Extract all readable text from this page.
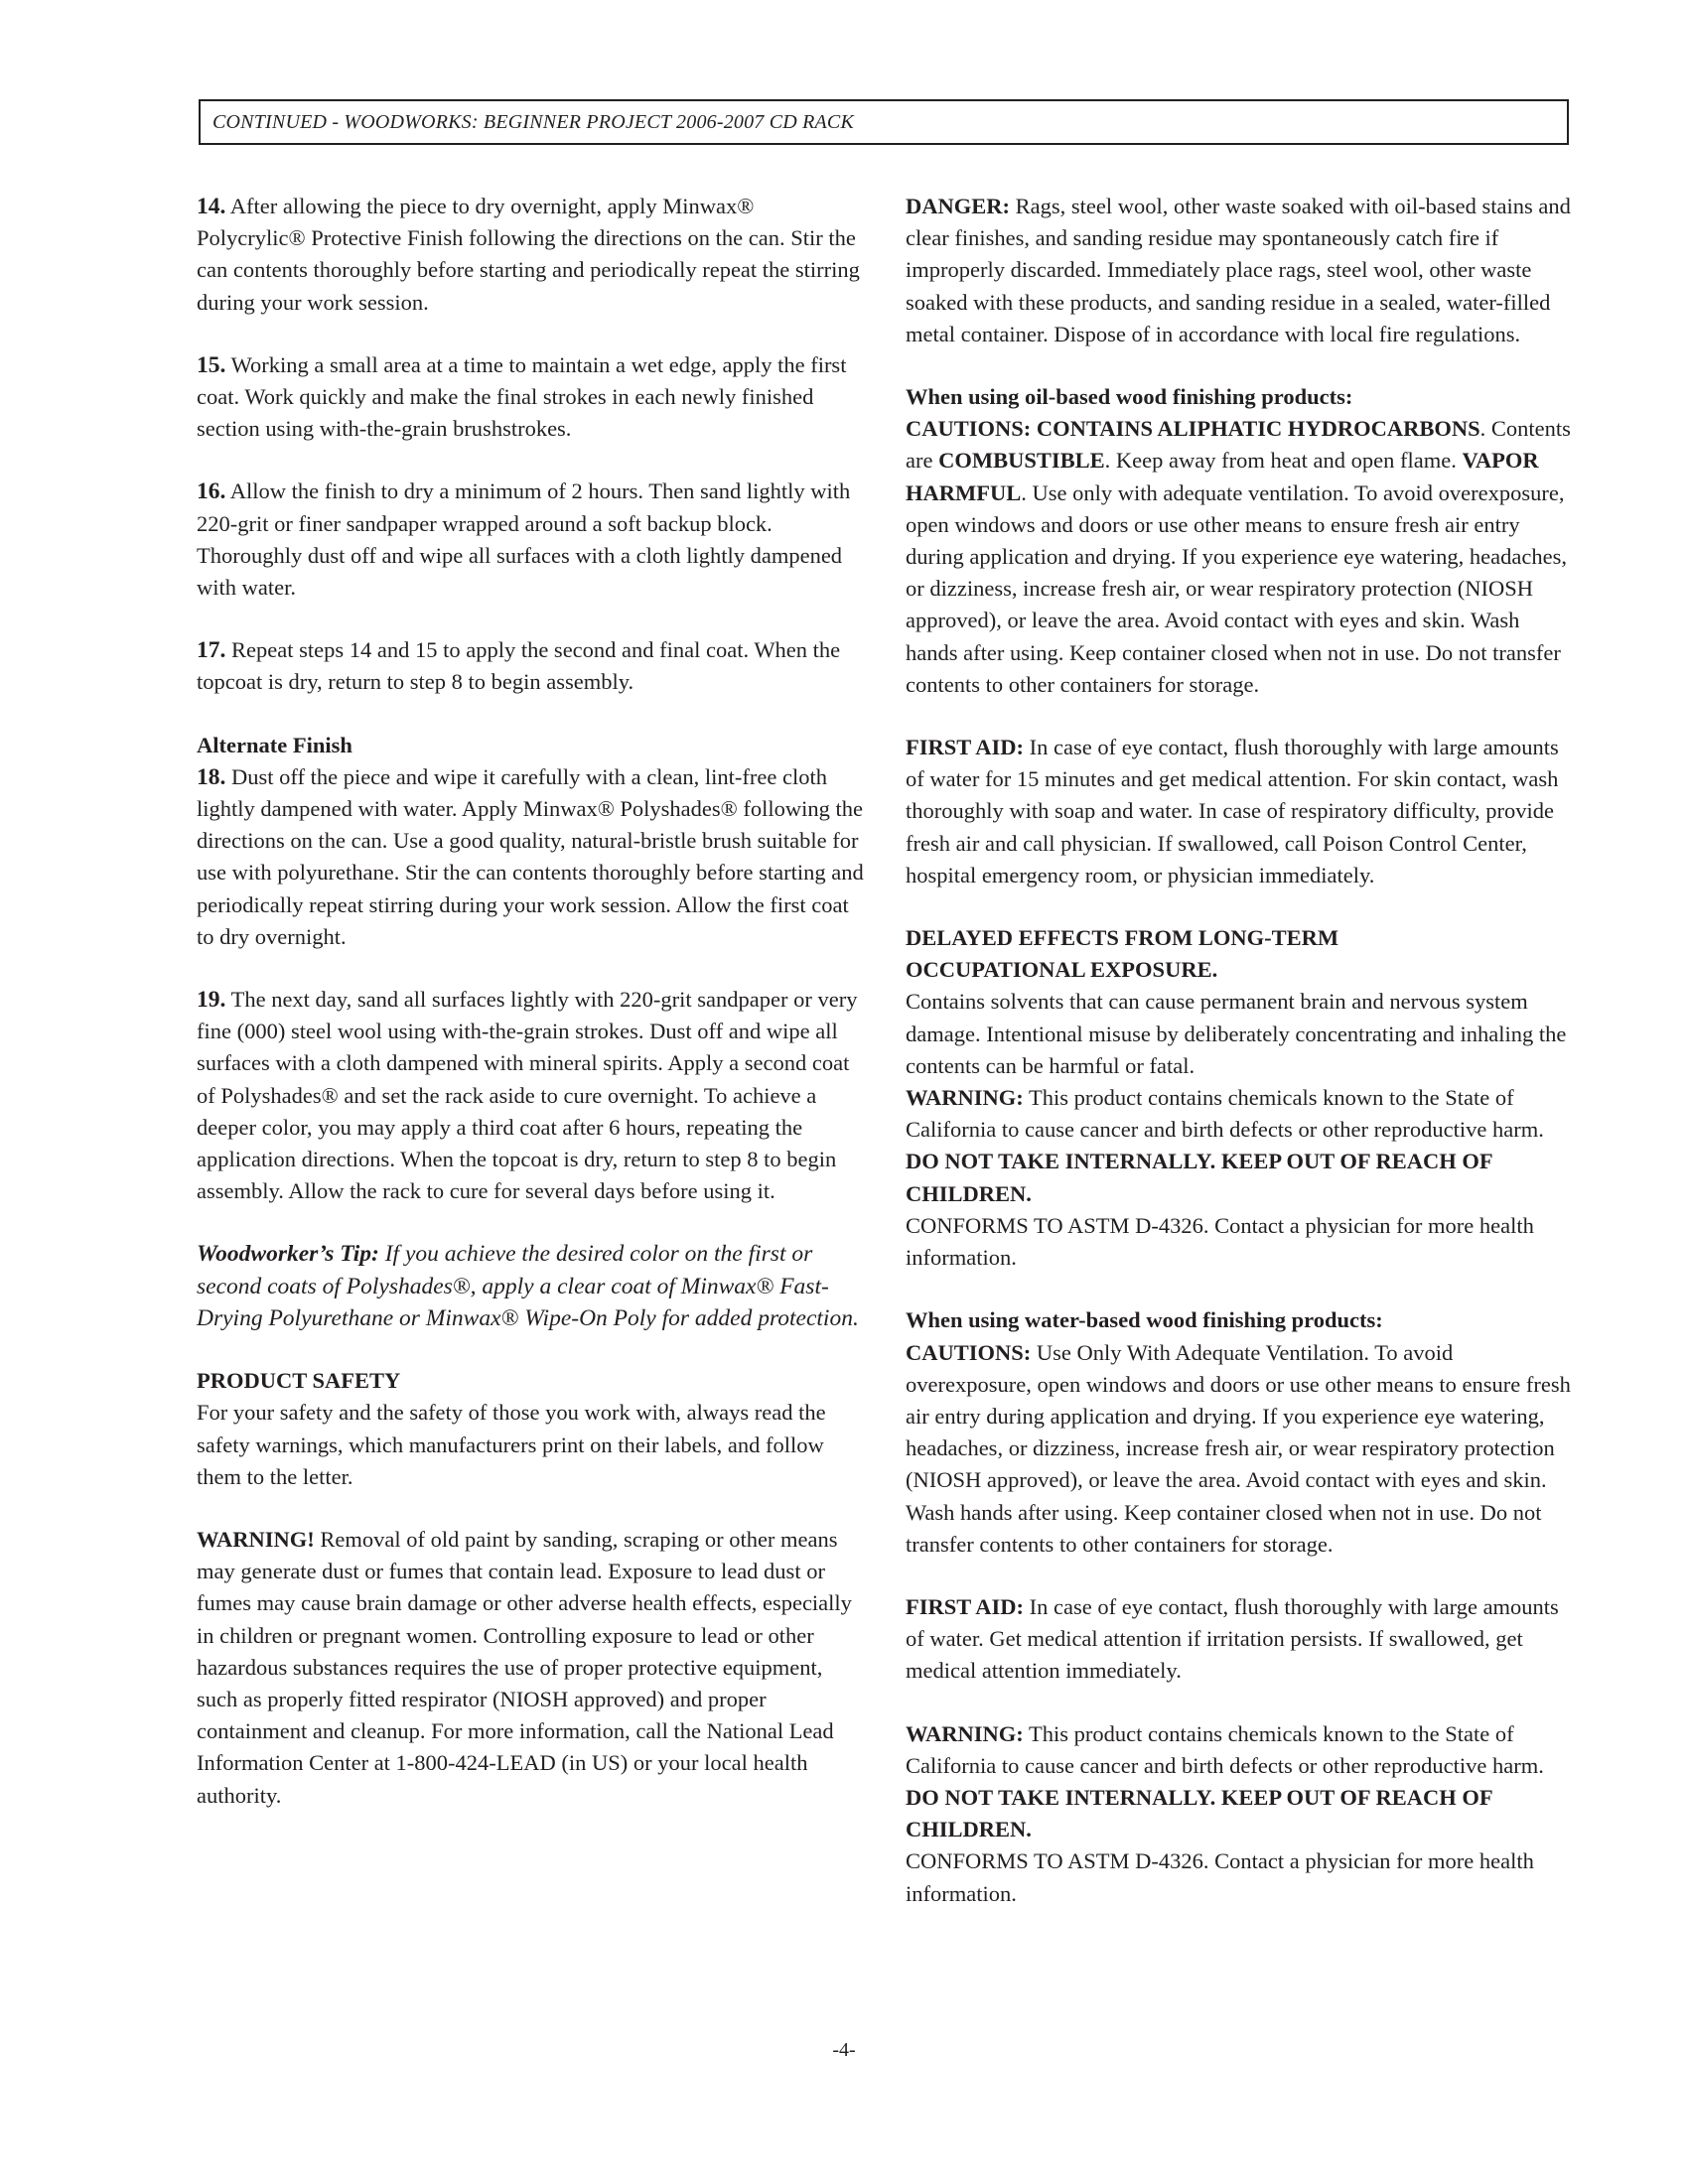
CONTINUED - WOODWORKS: BEGINNER PROJECT 2006-2007 CD RACK

14. After allowing the piece to dry overnight, apply Minwax® Polycrylic® Protective Finish following the directions on the can. Stir the can contents thoroughly before starting and periodically repeat the stirring during your work session.

15. Working a small area at a time to maintain a wet edge, apply the first coat. Work quickly and make the final strokes in each newly finished section using with-the-grain brushstrokes.

16. Allow the finish to dry a minimum of 2 hours. Then sand lightly with 220-grit or finer sandpaper wrapped around a soft backup block. Thoroughly dust off and wipe all surfaces with a cloth lightly dampened with water.

17. Repeat steps 14 and 15 to apply the second and final coat. When the topcoat is dry, return to step 8 to begin assembly.

Alternate Finish
18. Dust off the piece and wipe it carefully with a clean, lint-free cloth lightly dampened with water. Apply Minwax® Polyshades® following the directions on the can. Use a good quality, natural-bristle brush suitable for use with polyurethane. Stir the can contents thoroughly before starting and periodically repeat stirring during your work session. Allow the first coat to dry overnight.

19. The next day, sand all surfaces lightly with 220-grit sandpaper or very fine (000) steel wool using with-the-grain strokes. Dust off and wipe all surfaces with a cloth dampened with mineral spirits. Apply a second coat of Polyshades® and set the rack aside to cure overnight. To achieve a deeper color, you may apply a third coat after 6 hours, repeating the application directions. When the topcoat is dry, return to step 8 to begin assembly. Allow the rack to cure for several days before using it.

Woodworker’s Tip: If you achieve the desired color on the first or second coats of Polyshades®, apply a clear coat of Minwax® Fast-Drying Polyurethane or Minwax® Wipe-On Poly for added protection.

PRODUCT SAFETY
For your safety and the safety of those you work with, always read the safety warnings, which manufacturers print on their labels, and follow them to the letter.

WARNING! Removal of old paint by sanding, scraping or other means may generate dust or fumes that contain lead. Exposure to lead dust or fumes may cause brain damage or other adverse health effects, especially in children or pregnant women. Controlling exposure to lead or other hazardous substances requires the use of proper protective equipment, such as properly fitted respirator (NIOSH approved) and proper containment and cleanup. For more information, call the National Lead Information Center at 1-800-424-LEAD (in US) or your local health authority.

DANGER: Rags, steel wool, other waste soaked with oil-based stains and clear finishes, and sanding residue may spontaneously catch fire if improperly discarded. Immediately place rags, steel wool, other waste soaked with these products, and sanding residue in a sealed, water-filled metal container. Dispose of in accordance with local fire regulations.

When using oil-based wood finishing products:
CAUTIONS: CONTAINS ALIPHATIC HYDROCARBONS. Contents are COMBUSTIBLE. Keep away from heat and open flame. VAPOR HARMFUL. Use only with adequate ventilation. To avoid overexposure, open windows and doors or use other means to ensure fresh air entry during application and drying. If you experience eye watering, headaches, or dizziness, increase fresh air, or wear respiratory protection (NIOSH approved), or leave the area. Avoid contact with eyes and skin. Wash hands after using. Keep container closed when not in use. Do not transfer contents to other containers for storage.

FIRST AID: In case of eye contact, flush thoroughly with large amounts of water for 15 minutes and get medical attention. For skin contact, wash thoroughly with soap and water. In case of respiratory difficulty, provide fresh air and call physician. If swallowed, call Poison Control Center, hospital emergency room, or physician immediately.

DELAYED EFFECTS FROM LONG-TERM
OCCUPATIONAL EXPOSURE.
Contains solvents that can cause permanent brain and nervous system damage. Intentional misuse by deliberately concentrating and inhaling the contents can be harmful or fatal.
WARNING: This product contains chemicals known to the State of California to cause cancer and birth defects or other reproductive harm.
DO NOT TAKE INTERNALLY. KEEP OUT OF REACH OF CHILDREN.
CONFORMS TO ASTM D-4326. Contact a physician for more health information.

When using water-based wood finishing products:
CAUTIONS: Use Only With Adequate Ventilation. To avoid overexposure, open windows and doors or use other means to ensure fresh air entry during application and drying. If you experience eye watering, headaches, or dizziness, increase fresh air, or wear respiratory protection (NIOSH approved), or leave the area. Avoid contact with eyes and skin. Wash hands after using. Keep container closed when not in use. Do not transfer contents to other containers for storage.

FIRST AID: In case of eye contact, flush thoroughly with large amounts of water. Get medical attention if irritation persists. If swallowed, get medical attention immediately.

WARNING: This product contains chemicals known to the State of California to cause cancer and birth defects or other reproductive harm.
DO NOT TAKE INTERNALLY. KEEP OUT OF REACH OF CHILDREN.
CONFORMS TO ASTM D-4326. Contact a physician for more health information.

-4-
